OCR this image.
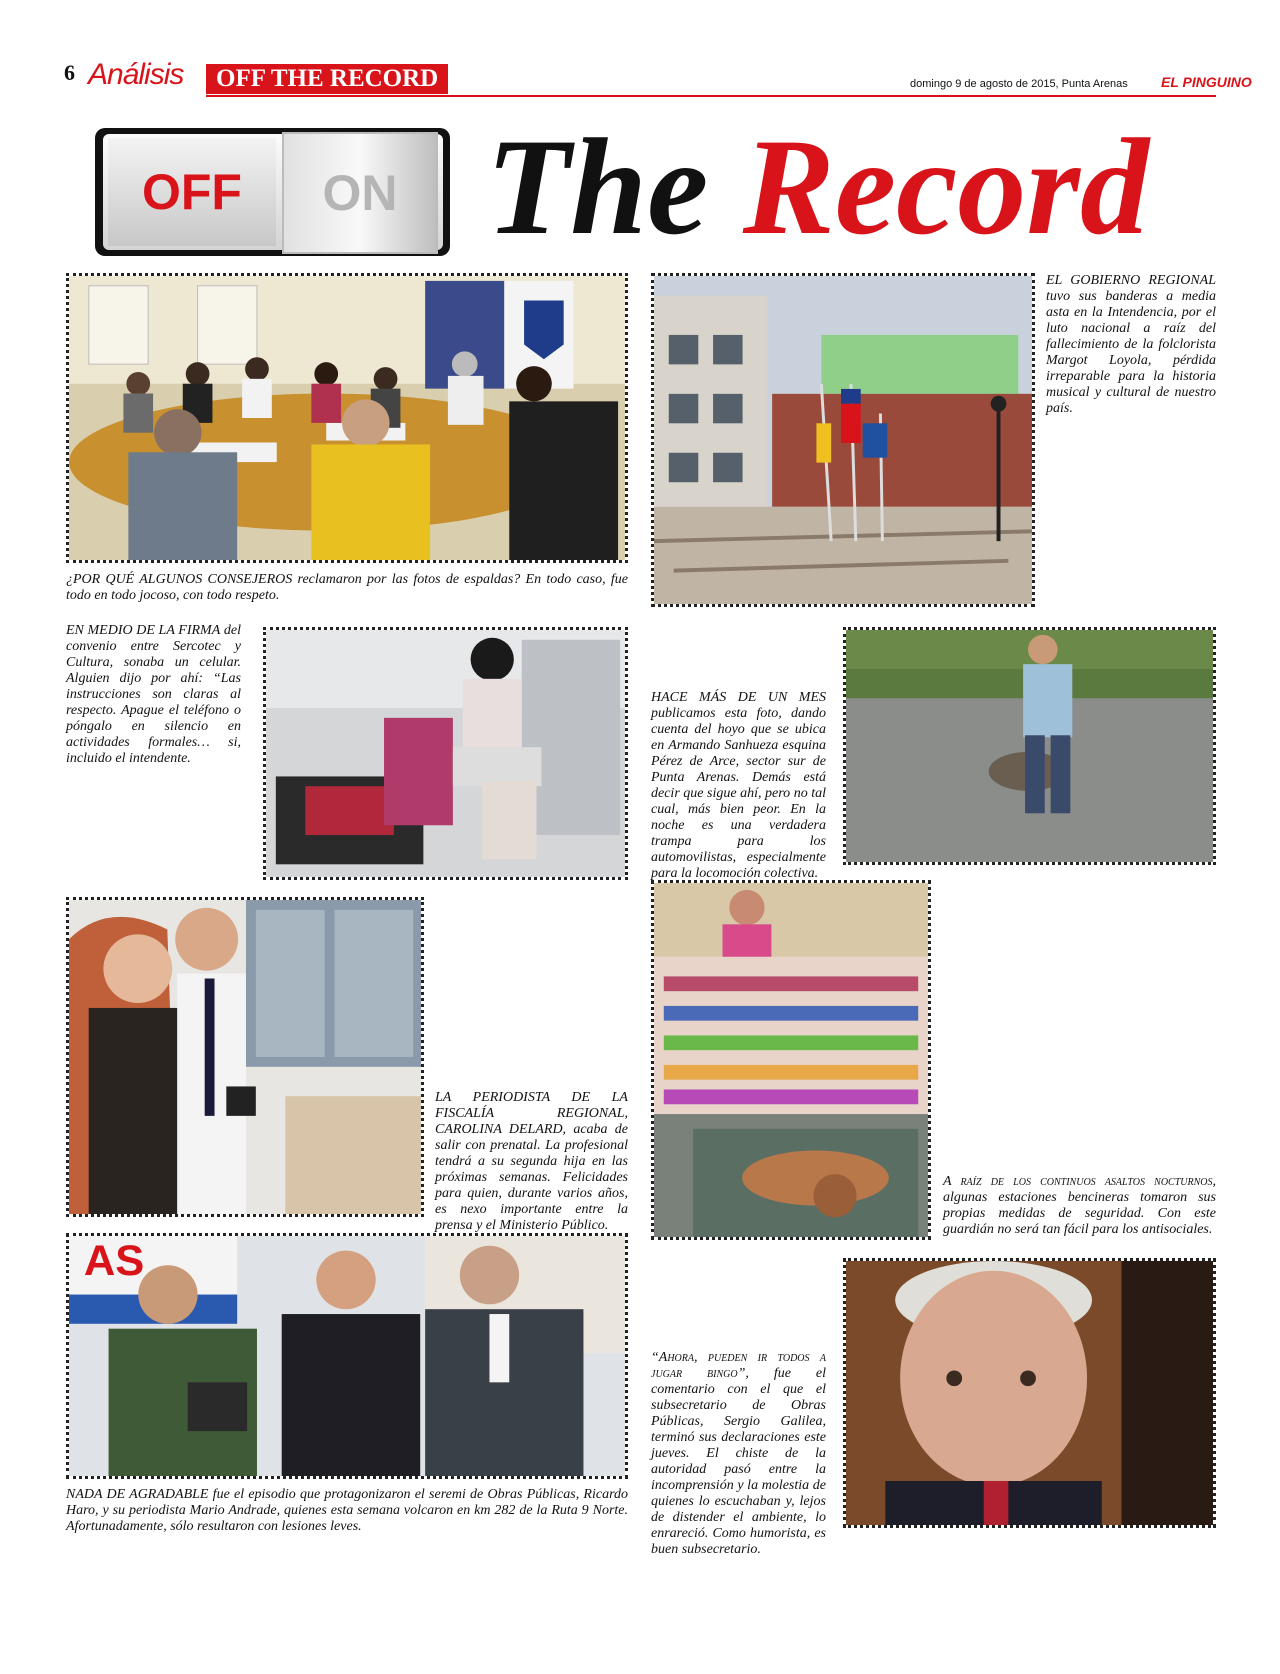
6 Análisis	OFF THE RECORD	domingo 9 de agosto de 2015, Punta Arenas EL PINGUINO
OFF	ON The Record
¿POR QUÉ ALGUNOS CONSEJEROS reclamaron por las fotos de espaldas? En todo caso, fue todo en todo jocoso, con todo respeto.
EL GOBIERNO REGIONAL tuvo sus banderas a media asta en la Intendencia, por el luto nacional a raíz del fallecimiento de la folclorista Margot Loyola, pérdida irreparable para la historia musical y cultural de nuestro país.
EN MEDIO DE LA FIRMA del convenio entre Sercotec y Cultura, sonaba un celular. Alguien dijo por ahí: “Las instrucciones son claras al respecto. Apague el teléfono o póngalo en silencio en actividades formales… si, incluido el intendente.
HACE MÁS DE UN MES publicamos esta foto, dando cuenta del hoyo que se ubica en Armando Sanhueza esquina Pérez de Arce, sector sur de Punta Arenas. Demás está decir que sigue ahí, pero no tal cual, más bien peor. En la noche es una verdadera trampa para los automovilistas, especialmente para la locomoción colectiva.
LA PERIODISTA DE LA FISCALÍA REGIONAL, CAROLINA DELARD, acaba de salir con prenatal. La profesional tendrá a su segunda hija en las próximas semanas. Felicidades para quien, durante varios años, es nexo importante entre la prensa y el Ministerio Público.
A raíz de los continuos asaltos nocturnos, algunas estaciones bencineras tomaron sus propias medidas de seguridad. Con este guardián no será tan fácil para los antisociales.
AS
NADA DE AGRADABLE fue el episodio que protagonizaron el seremi de Obras Públicas, Ricardo Haro, y su periodista Mario Andrade, quienes esta semana volcaron en km 282 de la Ruta 9 Norte. Afortunadamente, sólo resultaron con lesiones leves.
“Ahora, pueden ir todos a jugar bingo”, fue el comentario con el que el subsecretario de Obras Públicas, Sergio Galilea, terminó sus declaraciones este jueves. El chiste de la autoridad pasó entre la incomprensión y la molestia de quienes lo escuchaban y, lejos de distender el ambiente, lo enrareció. Como humorista, es buen subsecretario.
